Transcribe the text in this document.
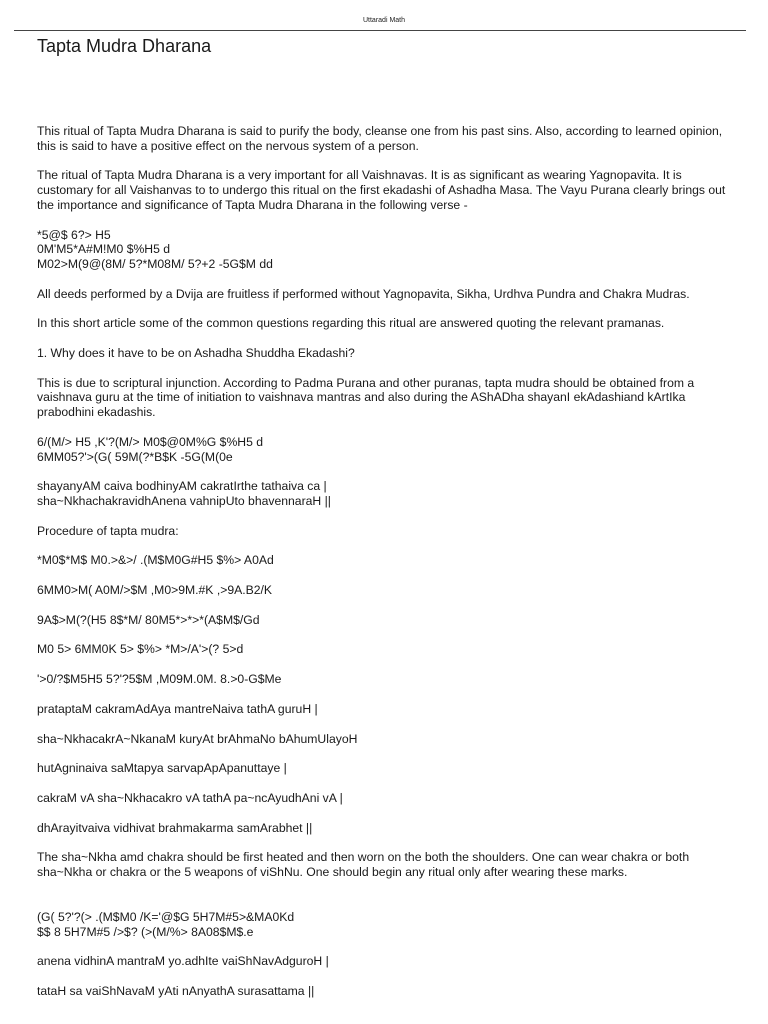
Uttaradi Math
Tapta Mudra Dharana

This ritual of Tapta Mudra Dharana is said to purify the body, cleanse one from his past sins. Also, according to learned opinion, this is said to have a positive effect on the nervous system of a person.

The ritual of Tapta Mudra Dharana is a very important for all Vaishnavas. It is as significant as wearing Yagnopavita. It is customary for all Vaishanvas to to undergo this ritual on the first ekadashi of Ashadha Masa. The Vayu Purana clearly brings out the importance and significance of Tapta Mudra Dharana in the following verse -

*5@$ 6?> H5
0M'M5*A#M!M0 $%H5 d
M02>M(9@(8M/ 5?*M08M/ 5?+2 -5G$M dd

All deeds performed by a Dvija are fruitless if performed without Yagnopavita, Sikha, Urdhva Pundra and Chakra Mudras.

In this short article some of the common questions regarding this ritual are answered quoting the relevant pramanas.

1. Why does it have to be on Ashadha Shuddha Ekadashi?

This is due to scriptural injunction. According to Padma Purana and other puranas, tapta mudra should be obtained from a vaishnava guru at the time of initiation to vaishnava mantras and also during the AShADha shayanI ekAdashiand kArtIka prabodhini ekadashis.

6/(M/> H5 ,K'?(M/> M0$@0M%G $%H5 d
6MM05?'>(G( 59M(?*B$K -5G(M(0e

shayanyAM caiva bodhinyAM cakratIrthe tathaiva ca |
sha~NkhachakravidhAnena vahnipUto bhavennaraH ||

Procedure of tapta mudra:

*M0$*M$ M0.>&>/ .(M$M0G#H5 $%> A0Ad

6MM0>M( A0M/>$M ,M0>9M.#K ,>9A.B2/K

9A$>M(?(H5 8$*M/ 80M5*>*>*(A$M$/Gd

M0 5> 6MM0K 5> $%> *M>/A'>(? 5>d

'>0/?$M5H5 5?'?5$M ,M09M.0M. 8.>0-G$Me

prataptaM cakramAdAya mantreNaiva tathA guruH |

sha~NkhacakrA~NkanaM kuryAt brAhmaNo bAhumUlayoH

hutAgninaiva saMtapya sarvapApApanuttaye |

cakraM vA sha~Nkhacakro vA tathA pa~ncAyudhAni vA |

dhArayitvaiva vidhivat brahmakarma samArabhet ||

The sha~Nkha amd chakra should be first heated and then worn on the both the shoulders. One can wear chakra or both sha~Nkha or chakra or the 5 weapons of viShNu. One should begin any ritual only after wearing these marks.

(G( 5?'?(> .(M$M0 /K='@$G 5H7M#5>&MA0Kd
$$ 8 5H7M#5 />$? (>(M/%> 8A08$M$.e

anena vidhinA mantraM yo.adhIte vaiShNavAdguroH |

tataH sa vaiShNavaM yAti nAnyathA surasattama ||
